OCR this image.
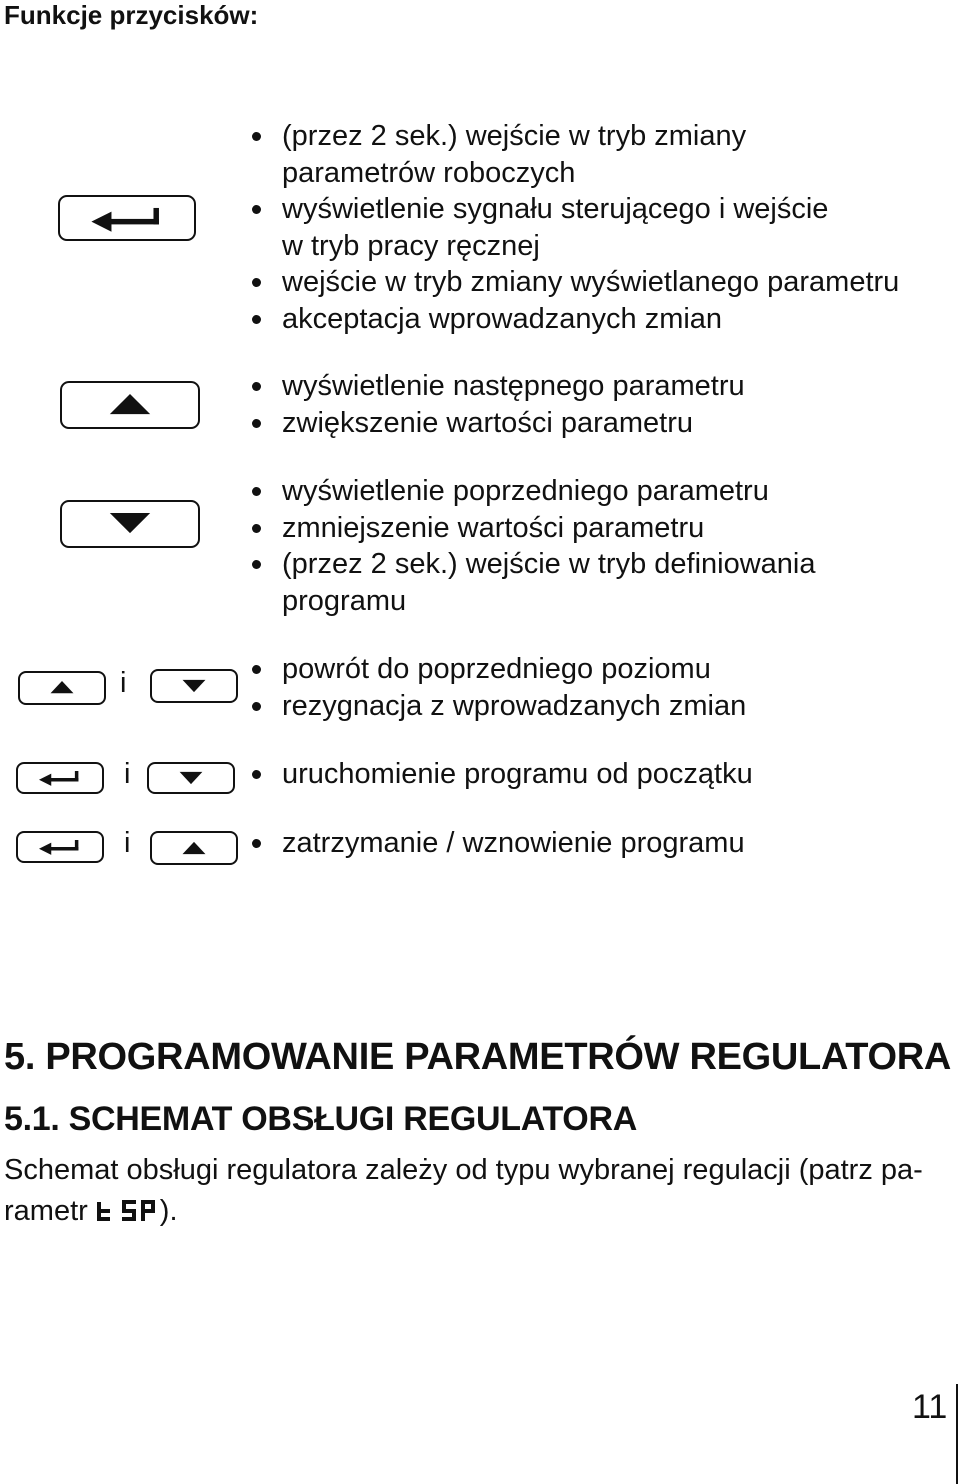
Funkcje przycisków:
(przez 2 sek.) wejście w tryb zmiany
parametrów roboczych
wyświetlenie sygnału sterującego i wejście
w tryb pracy ręcznej
wejście w tryb zmiany wyświetlanego parametru
akceptacja wprowadzanych zmian
wyświetlenie następnego parametru
zwiększenie wartości parametru
wyświetlenie poprzedniego parametru
zmniejszenie wartości parametru
(przez 2 sek.) wejście w tryb definiowania
programu
i	powrót do poprzedniego poziomu
rezygnacja z wprowadzanych zmian
i	uruchomienie programu od początku
i	zatrzymanie / wznowienie programu
5. PROGRAMOWANIE PARAMETRÓW REGULATORA
5.1. SCHEMAT OBSŁUGI REGULATORA
Schemat obsługi regulatora zależy od typu wybranej regulacji (patrz pa-
rametr ).
11
